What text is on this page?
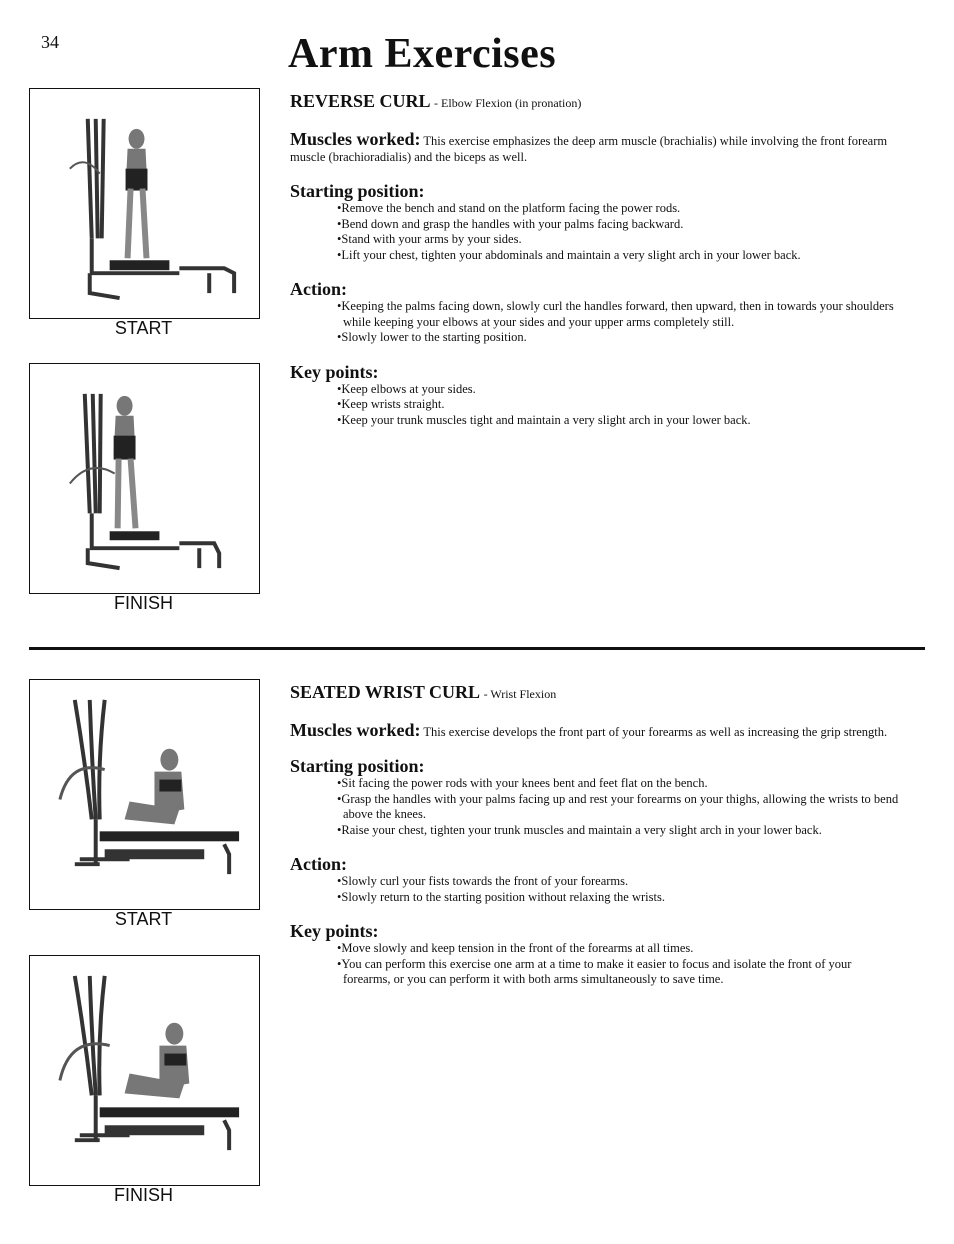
34	Arm Exercises
START
FINISH

REVERSE CURL - Elbow Flexion (in pronation)

Muscles worked: This exercise emphasizes the deep arm muscle (brachialis) while involving the front forearm muscle (brachioradialis) and the biceps as well.

Starting position:

• Remove the bench and stand on the platform facing the power rods.
• Bend down and grasp the handles with your palms facing backward.
• Stand with your arms by your sides.
• Lift your chest, tighten your abdominals and maintain a very slight arch in your lower back.

Action:

• Keeping the palms facing down, slowly curl the handles forward, then upward, then in towards your shoulders while keeping your elbows at your sides and your upper arms completely still.
• Slowly lower to the starting position.

Key points:

• Keep elbows at your sides.
• Keep wrists straight.
• Keep your trunk muscles tight and maintain a very slight arch in your lower back.
START
FINISH

SEATED WRIST CURL - Wrist Flexion

Muscles worked: This exercise develops the front part of your forearms as well as increasing the grip strength.

Starting position:

• Sit facing the power rods with your knees bent and feet flat on the bench.
• Grasp the handles with your palms facing up and rest your forearms on your thighs, allowing the wrists to bend above the knees.
• Raise your chest, tighten your trunk muscles and maintain a very slight arch in your lower back.

Action:

• Slowly curl your fists towards the front of your forearms.
• Slowly return to the starting position without relaxing the wrists.

Key points:

• Move slowly and keep tension in the front of the forearms at all times.
• You can perform this exercise one arm at a time to make it easier to focus and isolate the front of your forearms, or you can perform it with both arms simultaneously to save time.
